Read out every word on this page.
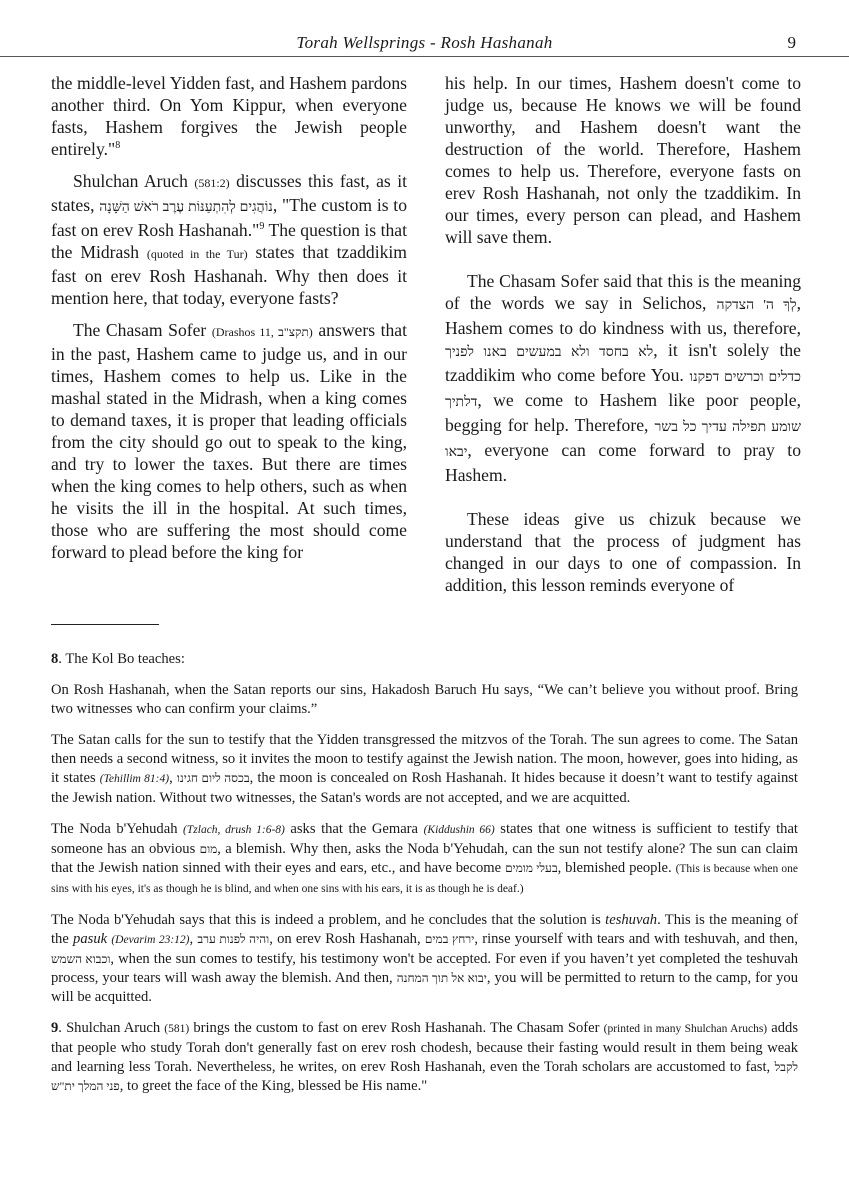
Torah Wellsprings - Rosh Hashanah	9

the middle-level Yidden fast, and Hashem pardons another third. On Yom Kippur, when everyone fasts, Hashem forgives the Jewish people entirely."$^8$

Shulchan Aruch (581:2) discusses this fast, as it states, נוֹהֲגִים לְהִתְעַנּוֹת עֶרֶב רֹאשׁ הַשָּׁנָה, "The custom is to fast on erev Rosh Hashanah."$^9$ The question is that the Midrash (quoted in the Tur) states that tzaddikim fast on erev Rosh Hashanah. Why then does it mention here, that today, everyone fasts?

The Chasam Sofer (Drashos 11, תקצ"ב) answers that in the past, Hashem came to judge us, and in our times, Hashem comes to help us. Like in the mashal stated in the Midrash, when a king comes to demand taxes, it is proper that leading officials from the city should go out to speak to the king, and try to lower the taxes. But there are times when the king comes to help others, such as when he visits the ill in the hospital. At such times, those who are suffering the most should come forward to plead before the king for

his help. In our times, Hashem doesn't come to judge us, because He knows we will be found unworthy, and Hashem doesn't want the destruction of the world. Therefore, Hashem comes to help us. Therefore, everyone fasts on erev Rosh Hashanah, not only the tzaddikim. In our times, every person can plead, and Hashem will save them.

The Chasam Sofer said that this is the meaning of the words we say in Selichos, לְךָ ה' הצדקה, Hashem comes to do kindness with us, therefore, לא בחסד ולא במעשים באנו לפניך, it isn't solely the tzaddikim who come before You. כדלים וכרשים דפקנו דלתיך, we come to Hashem like poor people, begging for help. Therefore, שומע תפילה עדיך כל בשר יבאו, everyone can come forward to pray to Hashem.

These ideas give us chizuk because we understand that the process of judgment has changed in our days to one of compassion. In addition, this lesson reminds everyone of

8. The Kol Bo teaches:

On Rosh Hashanah, when the Satan reports our sins, Hakadosh Baruch Hu says, “We can’t believe you without proof. Bring two witnesses who can confirm your claims.”

The Satan calls for the sun to testify that the Yidden transgressed the mitzvos of the Torah. The sun agrees to come. The Satan then needs a second witness, so it invites the moon to testify against the Jewish nation. The moon, however, goes into hiding, as it states (Tehillim 81:4), בכסה ליום חגינו, the moon is concealed on Rosh Hashanah. It hides because it doesn’t want to testify against the Jewish nation. Without two witnesses, the Satan's words are not accepted, and we are acquitted.

The Noda b'Yehudah (Tzlach, drush 1:6-8) asks that the Gemara (Kiddushin 66) states that one witness is sufficient to testify that someone has an obvious מום, a blemish. Why then, asks the Noda b'Yehudah, can the sun not testify alone? The sun can claim that the Jewish nation sinned with their eyes and ears, etc., and have become בעלי מומים, blemished people. (This is because when one sins with his eyes, it's as though he is blind, and when one sins with his ears, it is as though he is deaf.)

The Noda b'Yehudah says that this is indeed a problem, and he concludes that the solution is teshuvah. This is the meaning of the pasuk (Devarim 23:12), והיה לפנות ערב, on erev Rosh Hashanah, ירחץ במים, rinse yourself with tears and with teshuvah, and then, וכבוא השמש, when the sun comes to testify, his testimony won't be accepted. For even if you haven’t yet completed the teshuvah process, your tears will wash away the blemish. And then, יבוא אל תוך המחנה, you will be permitted to return to the camp, for you will be acquitted.

9. Shulchan Aruch (581) brings the custom to fast on erev Rosh Hashanah. The Chasam Sofer (printed in many Shulchan Aruchs) adds that people who study Torah don't generally fast on erev rosh chodesh, because their fasting would result in them being weak and learning less Torah. Nevertheless, he writes, on erev Rosh Hashanah, even the Torah scholars are accustomed to fast, לקבל פני המלך ית"ש, to greet the face of the King, blessed be His name."
